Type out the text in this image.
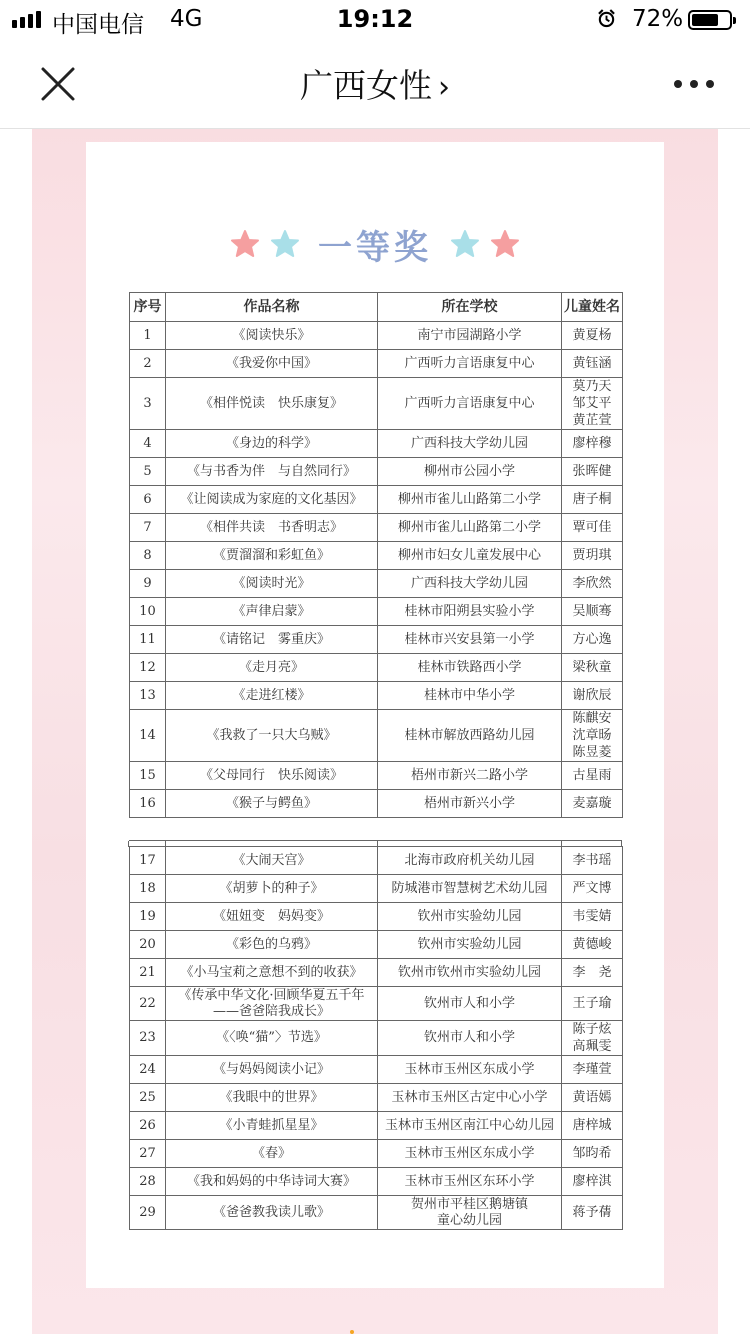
中国电信 4G	19:12	72%
广西女性 ›
一等奖
序号	作品名称	所在学校	儿童姓名
1	《阅读快乐》	南宁市园湖路小学	黄夏杨
2	《我爱你中国》	广西听力言语康复中心	黄钰涵
3	《相伴悦读　快乐康复》	广西听力言语康复中心	莫乃天
邹艾平
黄芷萱
4	《身边的科学》	广西科技大学幼儿园	廖梓穆
5	《与书香为伴　与自然同行》	柳州市公园小学	张晖健
6	《让阅读成为家庭的文化基因》	柳州市雀儿山路第二小学	唐子桐
7	《相伴共读　书香明志》	柳州市雀儿山路第二小学	覃可佳
8	《贾溜溜和彩虹鱼》	柳州市妇女儿童发展中心	贾玥琪
9	《阅读时光》	广西科技大学幼儿园	李欣然
10	《声律启蒙》	桂林市阳朔县实验小学	吴顺骞
11	《请铭记　雾重庆》	桂林市兴安县第一小学	方心逸
12	《走月亮》	桂林市铁路西小学	梁秋童
13	《走进红楼》	桂林市中华小学	谢欣辰
14	《我救了一只大乌贼》	桂林市解放西路幼儿园	陈麒安
沈章旸
陈昱菱
15	《父母同行　快乐阅读》	梧州市新兴二路小学	古星雨
16	《猴子与鳄鱼》	梧州市新兴小学	麦嘉璇
17	《大闹天宫》	北海市政府机关幼儿园	李书瑶
18	《胡萝卜的种子》	防城港市智慧树艺术幼儿园	严文博
19	《妞妞变　妈妈变》	钦州市实验幼儿园	韦雯婧
20	《彩色的乌鸦》	钦州市实验幼儿园	黄德峻
21	《小马宝莉之意想不到的收获》	钦州市钦州市实验幼儿园	李　尧
22	《传承中华文化·回顾华夏五千年
——爸爸陪我成长》	钦州市人和小学	王子瑜
23	《〈唤“猫”〉节选》	钦州市人和小学	陈子炫
高珮雯
24	《与妈妈阅读小记》	玉林市玉州区东成小学	李瑾萱
25	《我眼中的世界》	玉林市玉州区古定中心小学	黄语嫣
26	《小青蛙抓星星》	玉林市玉州区南江中心幼儿园	唐梓城
27	《春》	玉林市玉州区东成小学	邹昀希
28	《我和妈妈的中华诗词大赛》	玉林市玉州区东环小学	廖梓淇
29	《爸爸教我读儿歌》	贺州市平桂区鹅塘镇
童心幼儿园	蒋予蒨
